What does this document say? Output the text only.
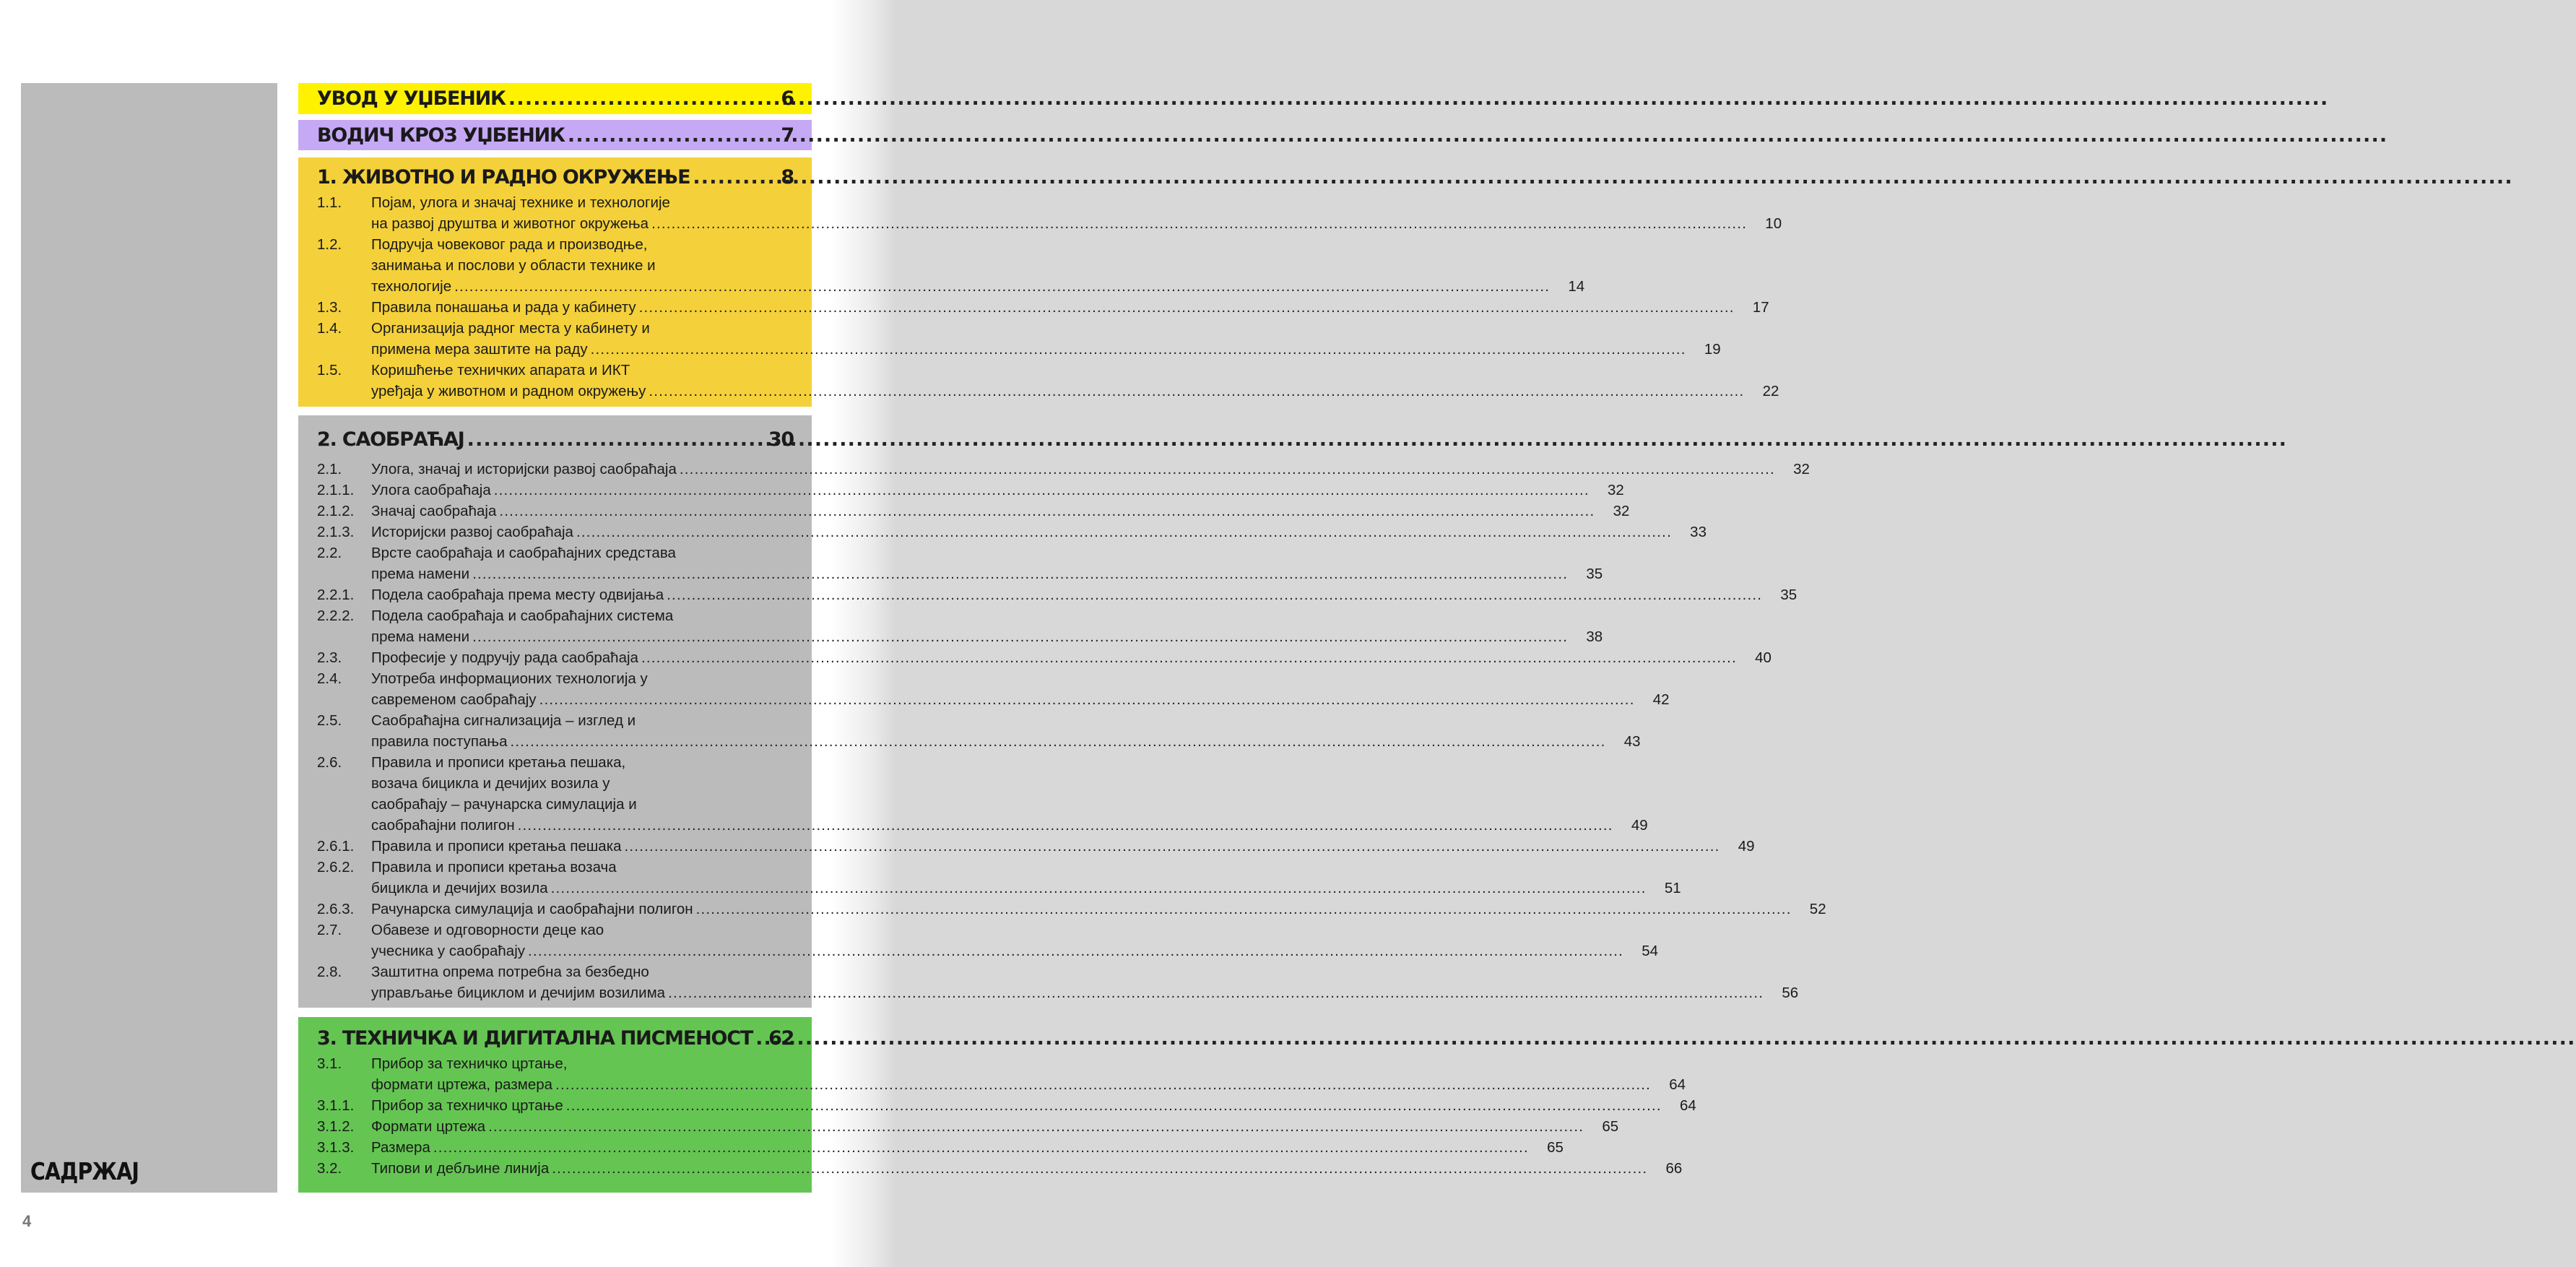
САДРЖАЈ
4
УВОД У УЏБЕНИК .....	6
ВОДИЧ КРОЗ УЏБЕНИК .....	7
1. ЖИВОТНО И РАДНО ОКРУЖЕЊЕ .....	8
1.1.	Појам, улога и значај технике и технологије
на развој друштва и животног окружења .....	10
1.2.	Подручја човековог рада и производње,
занимања и послови у области технике и
технологије .....	14
1.3.	Правила понашања и рада у кабинету .....	17
1.4.	Организација радног места у кабинету и
примена мера заштите на раду .....	19
1.5.	Коришћење техничких апарата и ИКТ
уређаја у животном и радном окружењу .....	22
2. САОБРАЋАЈ .....	30
2.1.	Улога, значај и историјски развој саобраћаја .....	32
2.1.1.	Улога саобраћаја .....	32
2.1.2.	Значај саобраћаја .....	32
2.1.3.	Историјски развој саобраћаја .....	33
2.2.	Врсте саобраћаја и саобраћајних средстава
према намени .....	35
2.2.1.	Подела саобраћаја према месту одвијања .....	35
2.2.2.	Подела саобраћаја и саобраћајних система
према намени .....	38
2.3.	Професије у подручју рада саобраћаја .....	40
2.4.	Употреба информационих технологија у
савременом саобраћају .....	42
2.5.	Саобраћајна сигнализација – изглед и
правила поступања .....	43
2.6.	Правила и прописи кретања пешака,
возача бицикла и дечијих возила у
саобраћају – рачунарска симулација и
саобраћајни полигон .....	49
2.6.1.	Правила и прописи кретања пешака .....	49
2.6.2.	Правила и прописи кретања возача
бицикла и дечијих возила .....	51
2.6.3.	Рачунарска симулација и саобраћајни полигон .....	52
2.7.	Обавезе и одговорности деце као
учесника у саобраћају .....	54
2.8.	Заштитна опрема потребна за безбедно
управљање бициклом и дечијим возилима .....	56
3. ТЕХНИЧКА И ДИГИТАЛНА ПИСМЕНОСТ ..... 62
3.1.	Прибор за техничко цртање,
формати цртежа, размера .....	64
3.1.1.	Прибор за техничко цртање .....	64
3.1.2.	Формати цртежа .....	65
3.1.3.	Размера .....	65
3.2.	Типови и дебљине линија .....	66
